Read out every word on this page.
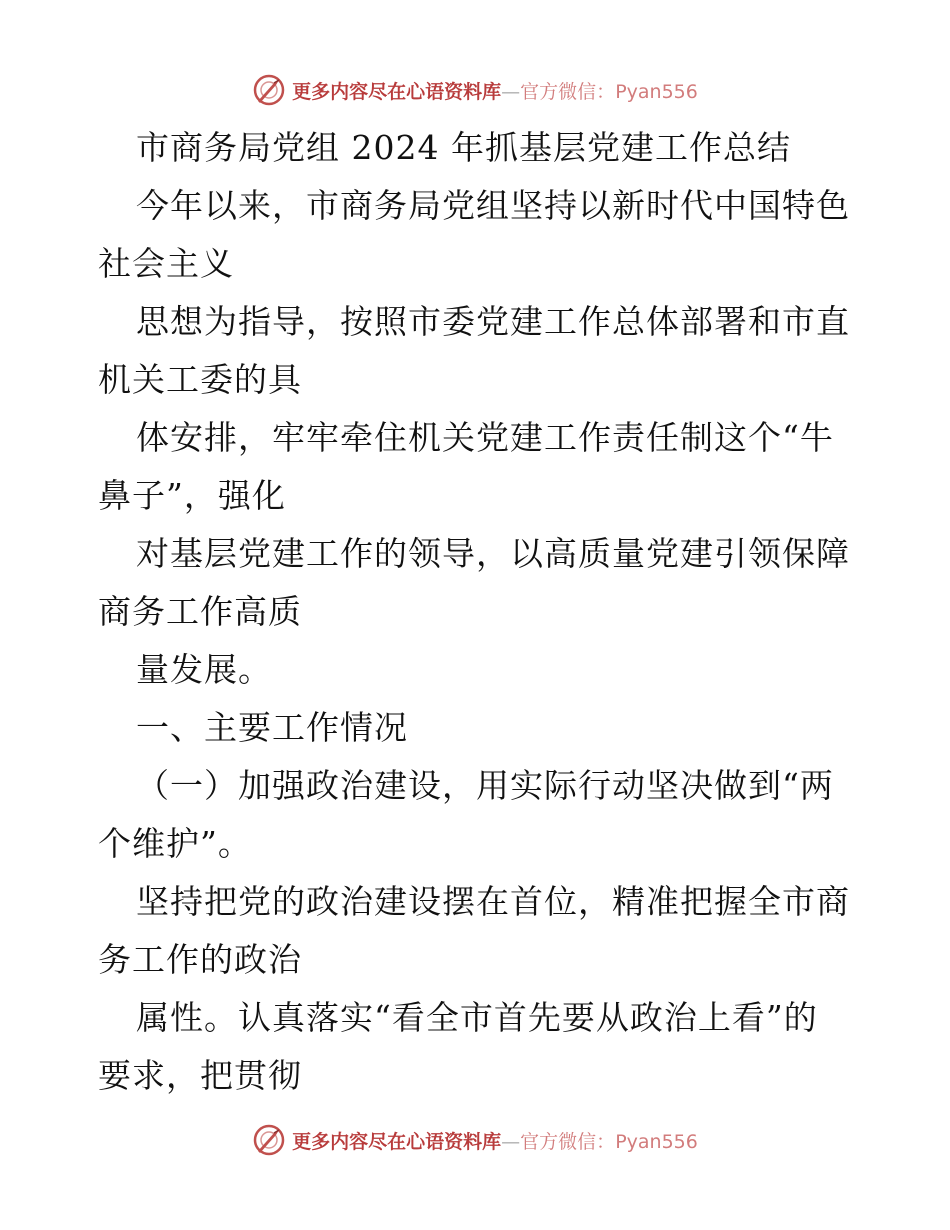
更多内容尽在心语资料库—官方微信：Pyan556
市商务局党组 2024 年抓基层党建工作总结
今年以来，市商务局党组坚持以新时代中国特色
社会主义
思想为指导，按照市委党建工作总体部署和市直
机关工委的具
体安排，牢牢牵住机关党建工作责任制这个“牛
鼻子”，强化
对基层党建工作的领导，以高质量党建引领保障
商务工作高质
量发展。
一、主要工作情况
（一）加强政治建设，用实际行动坚决做到“两
个维护”。
坚持把党的政治建设摆在首位，精准把握全市商
务工作的政治
属性。认真落实“看全市首先要从政治上看”的
要求，把贯彻
更多内容尽在心语资料库—官方微信：Pyan556
